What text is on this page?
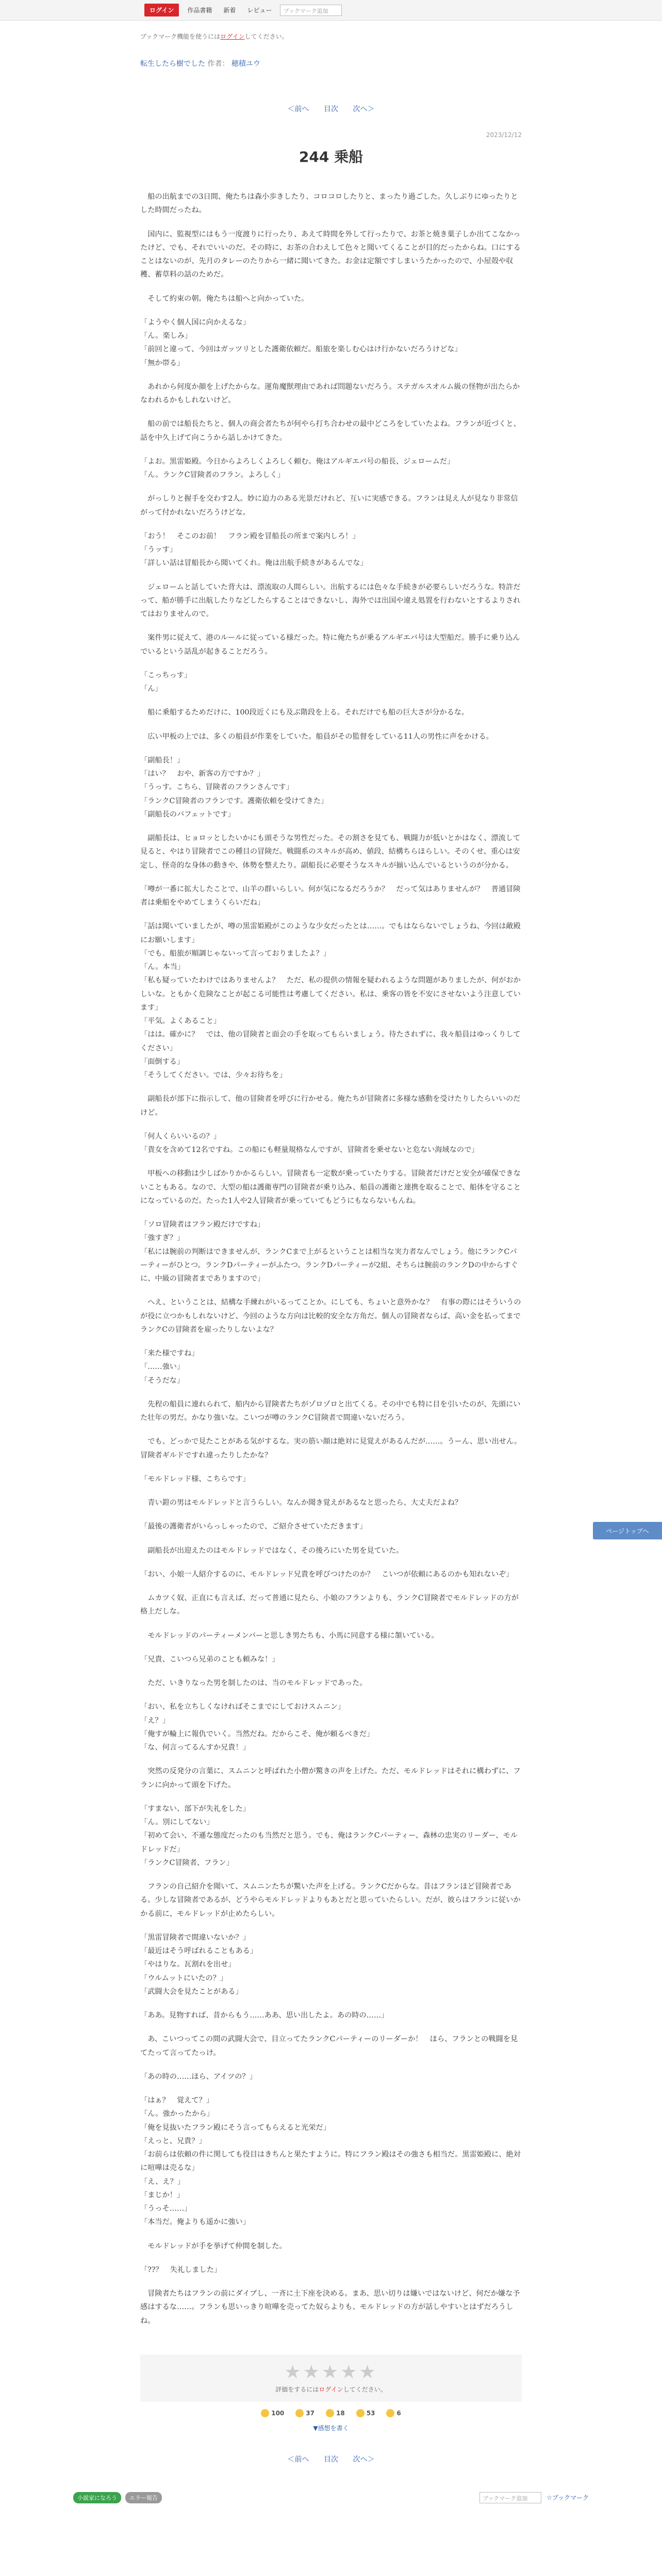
ログイン	作品書籍	新着	レビュー	ブックマーク追加
ブックマーク機能を使うにはログインしてください。
転生したら樹でした 作者： 穂積ユウ
＜前へ 目次 次へ＞
2023/12/12
244 乗船

　船の出航までの3日間、俺たちは森小歩きしたり、コロコロしたりと、まったり過ごした。久しぶりにゆったりとした時間だったね。

　国内に、監視型にはもう一度渡りに行ったり、あえて時間を外して行ったりで、お茶と焼き菓子しか出てこなかったけど、でも、それでいいのだ。その時に、お茶の合わえして色々と聞いてくることが目的だったからね。口にすることはないのが、先月のタレーのたりから一緒に聞いてきた。お金は定額ですしまいうたかったので、小屋殻や収穫、蓄草料の話のためだ。

　そして約束の朝。俺たちは船へと向かっていた。

「ようやく個人国に向かえるな」
「ん。楽しみ」
「前回と違って、今回はガッツリとした護衛依頼だ。船旅を楽しむ心はけ行かないだろうけどな」
「無か帯る」

　あれから何度か顔を上げたからな。運角魔獣理由であれば問題ないだろう。ステガルスオルム級の怪物が出たらかなわれるかもしれないけど。

　船の前では船長たちと、個人の商会者たちが何やら打ち合わせの最中どころをしていたよね。フランが近づくと、話を中久上げて向こうから話しかけてきた。

「よお。黒雷姫殿。今日からよろしくよろしく頼む。俺はアルギエバ号の船長、ジェロームだ」
「ん。ランクC冒険者のフラン。よろしく」

　がっしりと握手を交わす2人。妙に迫力のある光景だけれど、互いに実感できる。フランは見え人が見なり非常信がって付かれないだろうけどな。

「おう！　そこのお前！　フラン殿を冒船長の所まで案内しろ！」
「うッす」
「詳しい話は冒船長から聞いてくれ。俺は出航手続きがあるんでな」

　ジェロームと話していた背大は、漂流取の人間らしい。出航するには色々な手続きが必要らしいだろうな。特許だって、船が勝手に出航したりなどしたらすることはできないし、海外では出国や違え処置を行わないとするよりされてはおりませんので。

　案件男に従えて、港のルールに従っている様だった。特に俺たちが乗るアルギエバ号は大型船だ。勝手に乗り込んでいるという話乱が起きることだろう。

「こっちっす」
「ん」

　船に乗船するためだけに、100段近くにも及ぶ階段を上る。それだけでも船の巨大さが分かるな。

　広い甲板の上では、多くの船員が作業をしていた。船員がその監督をしている11人の男性に声をかける。

「副船長！」
「はい？　おや、新客の方ですか？」
「うっす。こちら、冒険者のフランさんです」
「ランクC冒険者のフランです。護衛依頼を受けてきた」
「副船長のバフェットです」

　副船長は、ヒョロッとしたいかにも頭そうな男性だった。その割さを見ても、戦闘力が低いとかはなく、漂流して見ると、やはり冒険者でこの種目の冒険だ。戦闘系のスキルが高め、値段、結構ちらほらしい。そのくせ、重心は安定し、怪奇的な身体の動きや、体勢を整えたり。副船長に必要そうなスキルが揃い込んでいるというのが分かる。

「噂が一番に拡大したことで、山羊の群いらしい。何が気になるだろうか？　だって気はありませんが？　普通冒険者は乗船をやめてしまうくらいだね」

「話は聞いていましたが、噂の黒雷姫殿がこのような少女だったとは……。でもはならないでしょうね、今回は敵殿にお願いします」
「でも、船旅が順調じゃないって言っておりましたよ？」
「ん。本当」
「私も疑っていたわけではありませんよ？　ただ、私の提供の情報を疑われるような問題がありましたが、何がおかしいな。ともかく危険なことが起こる可能性は考慮してください。私は、乗客の皆を不安にさせないよう注意しています」
「平気。よくあること」
「はは。確かに？　では、他の冒険者と面会の手を取ってもらいましょう。待たされずに、我々船員はゆっくりしてください」
「面倒する」
「そうしてください。では、少々お待ちを」

　副船長が部下に指示して、他の冒険者を呼びに行かせる。俺たちが冒険者に多様な感動を受けたりしたらいいのだけど。

「何人くらいいるの？」
「貴女を含めて12名ですね。この船にも軽量規格なんですが、冒険者を乗せないと危ない海域なので」

　甲板への移動は少しばかりかかるらしい。冒険者も一定数が乗っていたりする。冒険者だけだと安全が確保できないこともある。なので、大型の船は護衛専門の冒険者が乗り込み、船員の護衛と連携を取ることで、船体を守ることになっているのだ。たった1人や2人冒険者が乗っていてもどうにもならないもんね。

「ソロ冒険者はフラン殿だけですね」
「強すぎ？」
「私には腕前の判断はできませんが、ランクCまで上がるということは相当な実力者なんでしょう。他にランクCパーティーがひとつ。ランクDパーティーがふたつ。ランクDパーティーが2組、そちらは腕前のランクDの中からすぐに、中級の冒険者までありますので」

　へえ、ということは、結構な手練れがいるってことか。にしても、ちょいと意外かな？　有事の際にはそういうのが役に立つかもしれないけど、今回のような方向は比較的安全な方角だ。個人の冒険者ならば、高い金を払ってまでランクCの冒険者を雇ったりしないよな？

「来た様ですね」
「……強い」
「そうだな」

　先程の船員に連れられて、船内から冒険者たちがゾロゾロと出てくる。その中でも特に目を引いたのが、先頭にいた壮年の男だ。かなり強いな。こいつが噂のランクC冒険者で間違いないだろう。

　でも、どっかで見たことがある気がするな。実の筋い顔は絶対に見覚えがあるんだが……。うーん、思い出せん。冒険者ギルドですれ違ったりしたかな？

「モルドレッド様、こちらです」

　青い鎧の男はモルドレッドと言うらしい。なんか聞き覚えがあるなと思ったら、大丈夫だよね？

「最後の護衛者がいらっしゃったので、ご紹介させていただきます」

　副船長が出迎えたのはモルドレッドではなく、その後ろにいた男を見ていた。

「おい、小娘一人紹介するのに、モルドレッド兄貴を呼びつけたのか？　こいつが依頼にあるのかも知れないぞ」

　ムカツく奴、正直にも言えば、だって普通に見たら、小娘のフランよりも、ランクC冒険者でモルドレッドの方が格上だしな。

　モルドレッドのパーティーメンバーと思しき男たちも、小馬に同意する様に頷いている。

「兄貴、こいつら兄弟のことも頼みな！」

　ただ、いきりなった男を制したのは、当のモルドレッドであった。

「おい、私を立ちしくなければそこまでにしておけスムニン」
「え？」
「俺すが輪上に報仇でいく。当然だね。だからこそ、俺が頼るべきだ」
「な、何言ってるんすか兄貴！」

　突然の反発分の言葉に、スムニンと呼ばれた小僧が驚きの声を上げた。ただ、モルドレッドはそれに構わずに、フランに向かって頭を下げた。

「すまない、部下が失礼をした」
「ん。別にしてない」
「初めて会い、不遜な態度だったのも当然だと思う。でも、俺はランクCパーティー、森林の忠実のリーダー、モルドレッドだ」
「ランクC冒険者、フラン」

　フランの自己紹介を聞いて、スムニンたちが驚いた声を上げる。ランクCだからな。昔はフランほど冒険者である。少しな冒険者であるが、どうやらモルドレッドよりもあとだと思っていたらしい。だが、彼らはフランに従いかかる前に、モルドレッドが止めたらしい。

「黒雷冒険者で間違いないか？」
「最近はそう呼ばれることもある」
「やはりな。瓦割れを出せ」
「ウルムットにいたの？」
「武闘大会を見たことがある」

「ああ。見物すれば、昔からもう……ああ、思い出したよ。あの時の……」

　あ、こいつってこの間の武闘大会で、目立ってたランクCパーティーのリーダーか！　ほら、フランとの戦闘を見てたって言ってたっけ。

「あの時の……ほら、アイツの？」

「はぁ？　覚えて？」
「ん。強かったから」
「俺を見抜いたフラン殿にそう言ってもらえると光栄だ」
「えっと、兄貴？」
「お前らは依頼の件に関しても役目はきちんと果たすように。特にフラン殿はその強さも相当だ。黒雷姫殿に、絶対に喧嘩は売るな」
「え、え？」
「まじか！」
「うっそ……」
「本当だ。俺よりも遥かに強い」

　モルドレッドが手を挙げて仲間を制した。

「??？　失礼しました」

　冒険者たちはフランの前にダイブし、一斉に土下座を決める。まあ、思い切りは嫌いではないけど、何だか嫌な予感はするな……。フランも思いっきり喧嘩を売ってた奴らよりも、モルドレッドの方が話しやすいとはずだろうしね。

ページトップへ
★★★★★
評価をするにはログインしてください。
100	37	18	53	6
▼感想を書く
＜前へ 目次 次へ＞
小説家になろう	エラー報告	ブックマーク追加	☆ブックマーク
